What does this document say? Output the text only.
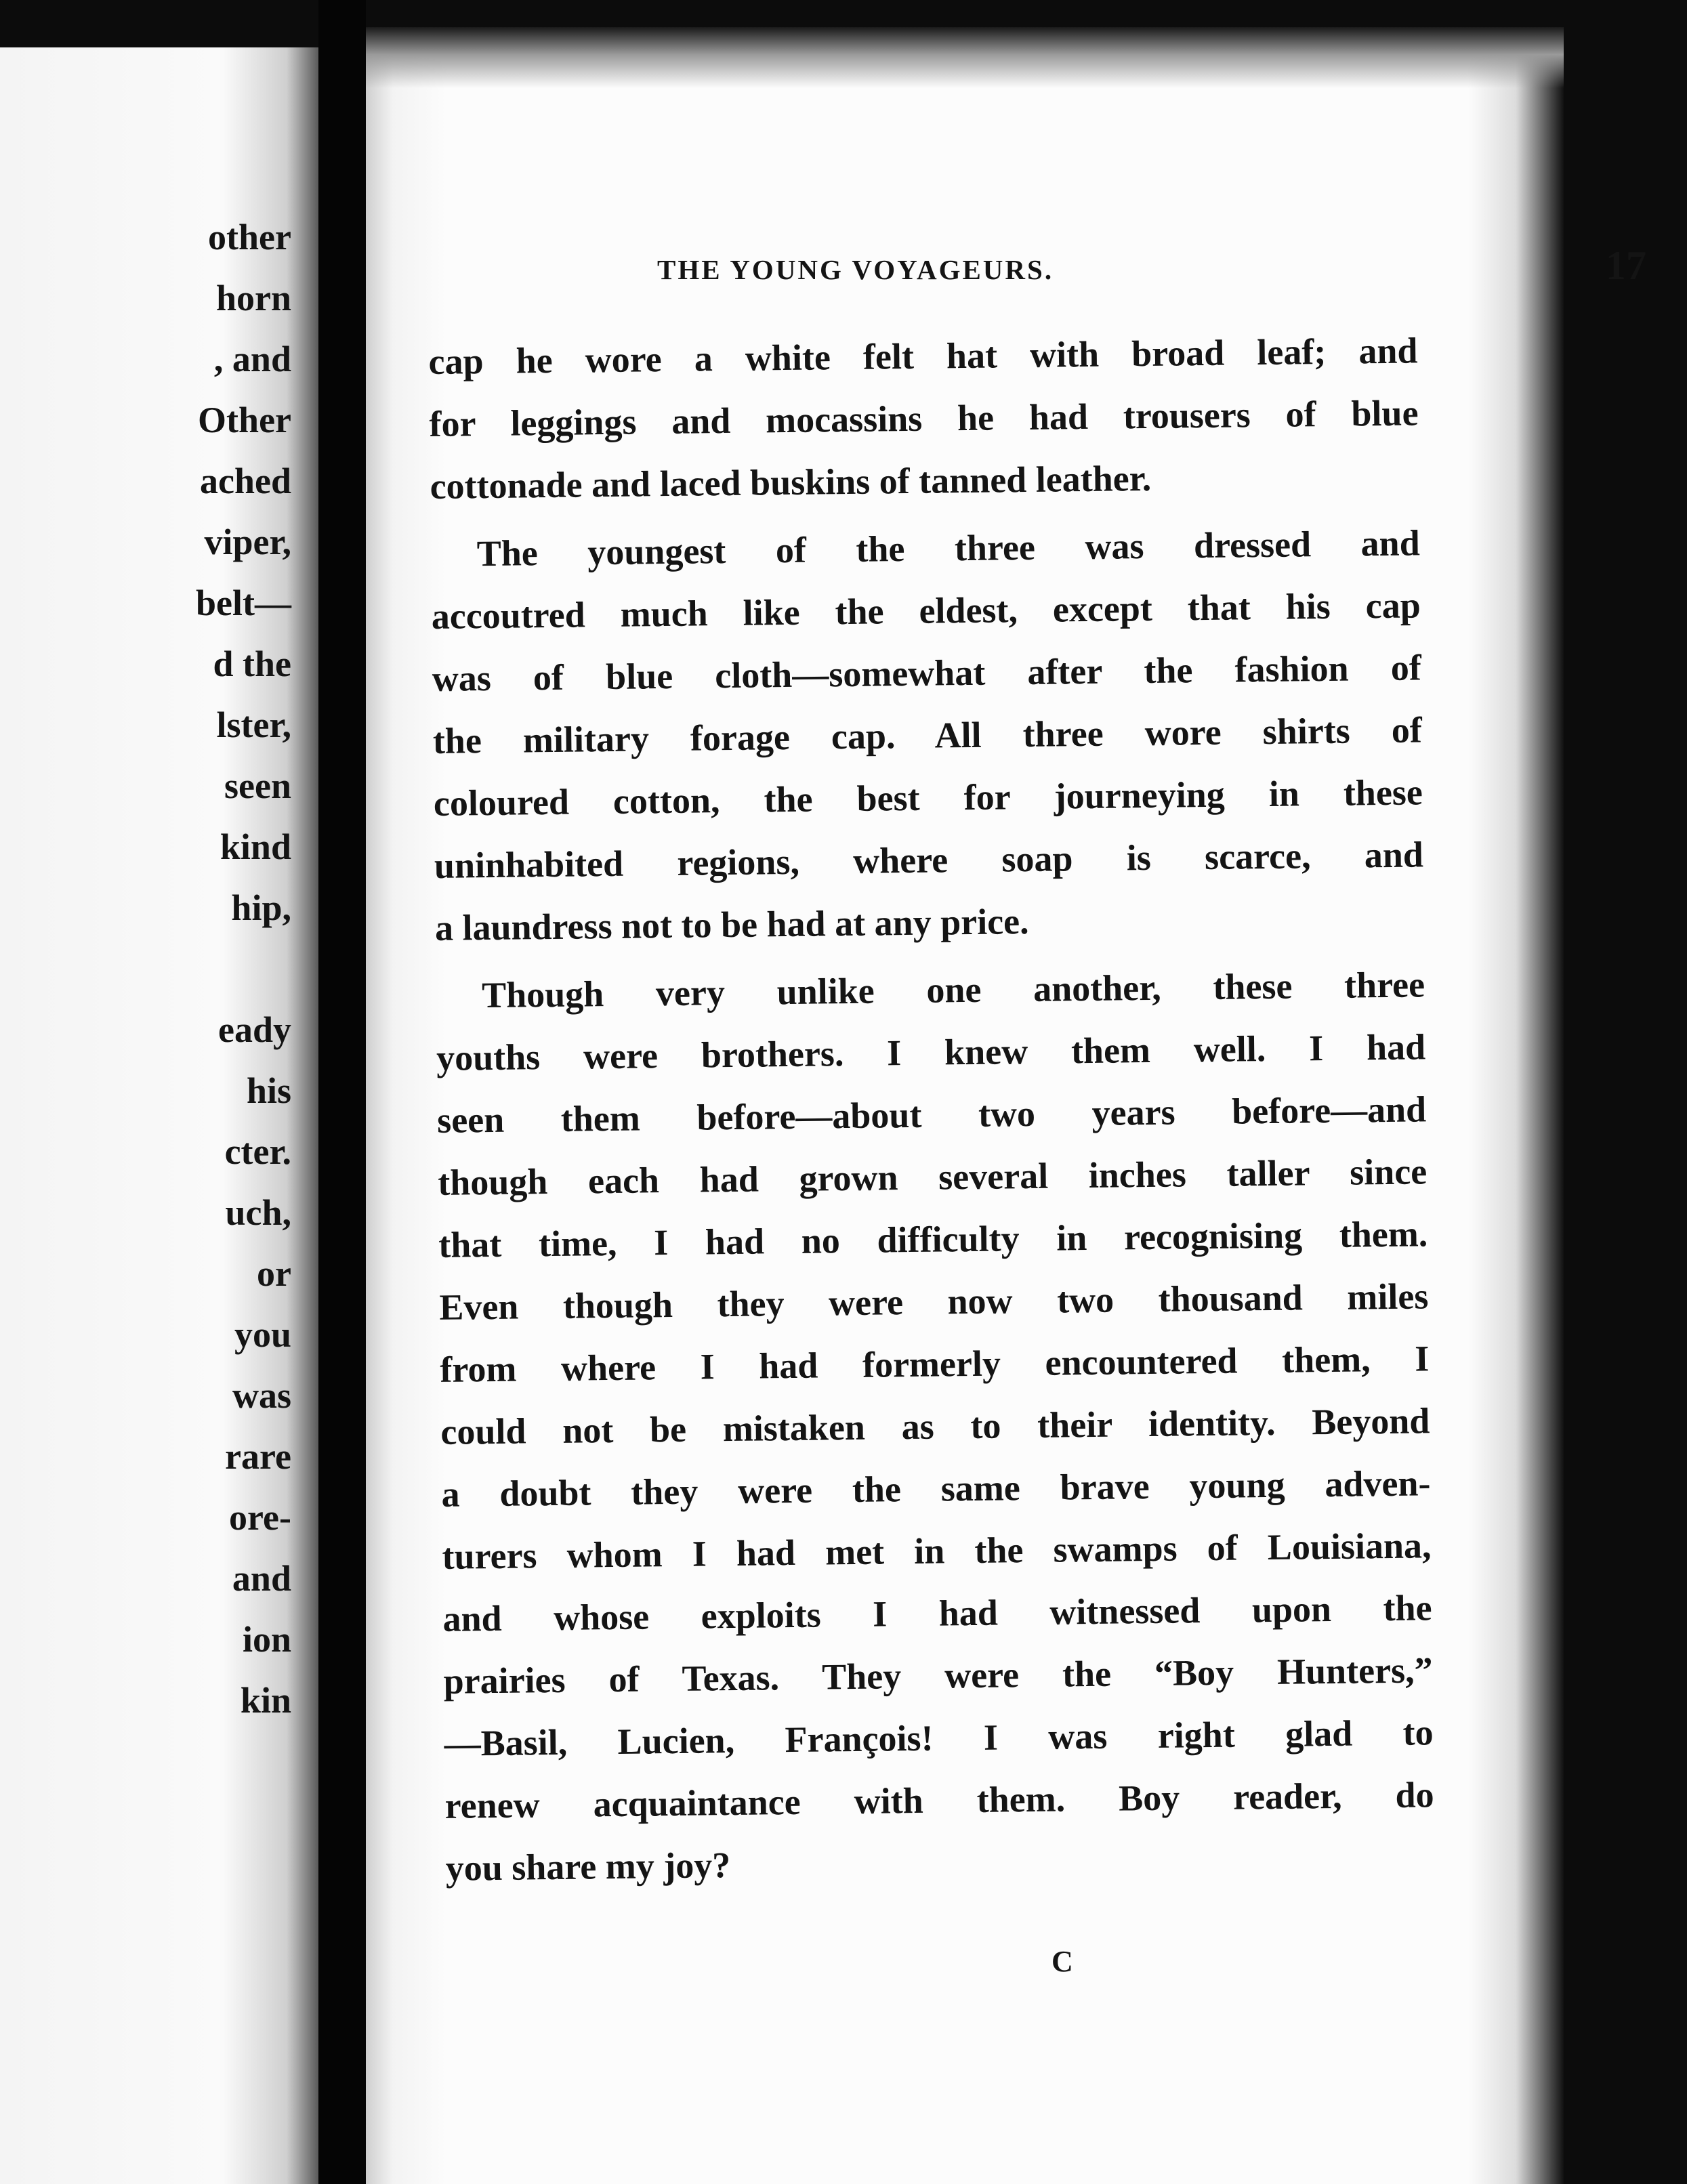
other
horn
, and
Other
ached
viper,
belt—
d the
lster,
seen
kind
hip,
eady
his
cter.
uch,
or
you
was
rare
ore-
and
ion
kin
THE YOUNG VOYAGEURS.	17
cap he wore a white felt hat with broad leaf; and
for leggings and mocassins he had trousers of blue
cottonade and laced buskins of tanned leather.
The youngest of the three was dressed and
accoutred much like the eldest, except that his cap
was of blue cloth—somewhat after the fashion of
the military forage cap. All three wore shirts of
coloured cotton, the best for journeying in these
uninhabited regions, where soap is scarce, and
a laundress not to be had at any price.
Though very unlike one another, these three
youths were brothers. I knew them well. I had
seen them before—about two years before—and
though each had grown several inches taller since
that time, I had no difficulty in recognising them.
Even though they were now two thousand miles
from where I had formerly encountered them, I
could not be mistaken as to their identity. Beyond
a doubt they were the same brave young adven-
turers whom I had met in the swamps of Louisiana,
and whose exploits I had witnessed upon the
prairies of Texas. They were the “Boy Hunters,”
—Basil, Lucien, François! I was right glad to
renew acquaintance with them. Boy reader, do
you share my joy?
C
